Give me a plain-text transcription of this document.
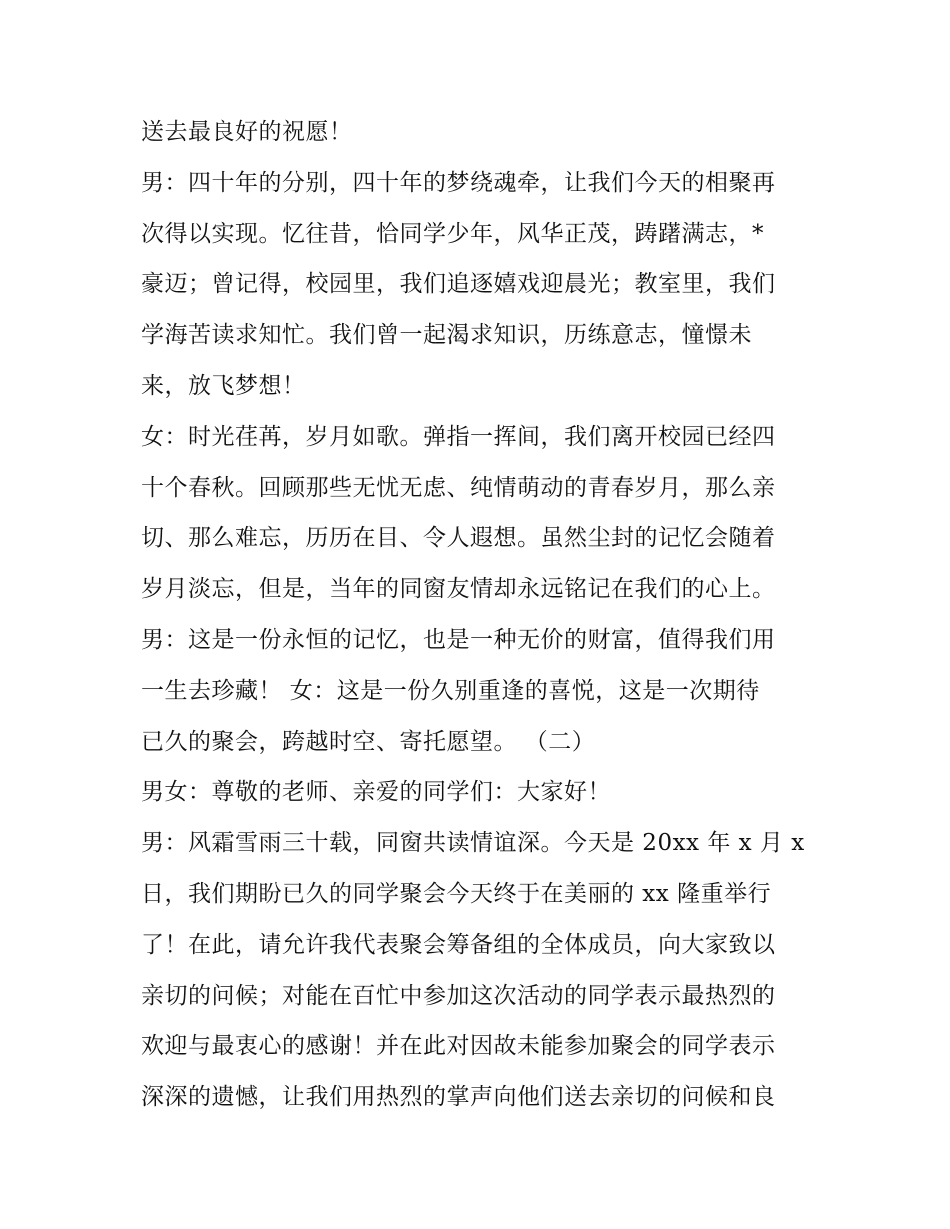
送去最良好的祝愿！
男：四十年的分别，四十年的梦绕魂牵，让我们今天的相聚再
次得以实现。忆往昔，恰同学少年，风华正茂，踌躇满志，*
豪迈；曾记得，校园里，我们追逐嬉戏迎晨光；教室里，我们
学海苦读求知忙。我们曾一起渴求知识，历练意志，憧憬未
来，放飞梦想！
女：时光荏苒，岁月如歌。弹指一挥间，我们离开校园已经四
十个春秋。回顾那些无忧无虑、纯情萌动的青春岁月，那么亲
切、那么难忘，历历在目、令人遐想。虽然尘封的记忆会随着
岁月淡忘，但是，当年的同窗友情却永远铭记在我们的心上。
男：这是一份永恒的记忆，也是一种无价的财富，值得我们用
一生去珍藏！ 女：这是一份久别重逢的喜悦，这是一次期待
已久的聚会，跨越时空、寄托愿望。 （二）
男女：尊敬的老师、亲爱的同学们：大家好！
男：风霜雪雨三十载，同窗共读情谊深。今天是 20xx 年 x 月 x
日，我们期盼已久的同学聚会今天终于在美丽的 xx 隆重举行
了！在此，请允许我代表聚会筹备组的全体成员，向大家致以
亲切的问候；对能在百忙中参加这次活动的同学表示最热烈的
欢迎与最衷心的感谢！并在此对因故未能参加聚会的同学表示
深深的遗憾，让我们用热烈的掌声向他们送去亲切的问候和良
